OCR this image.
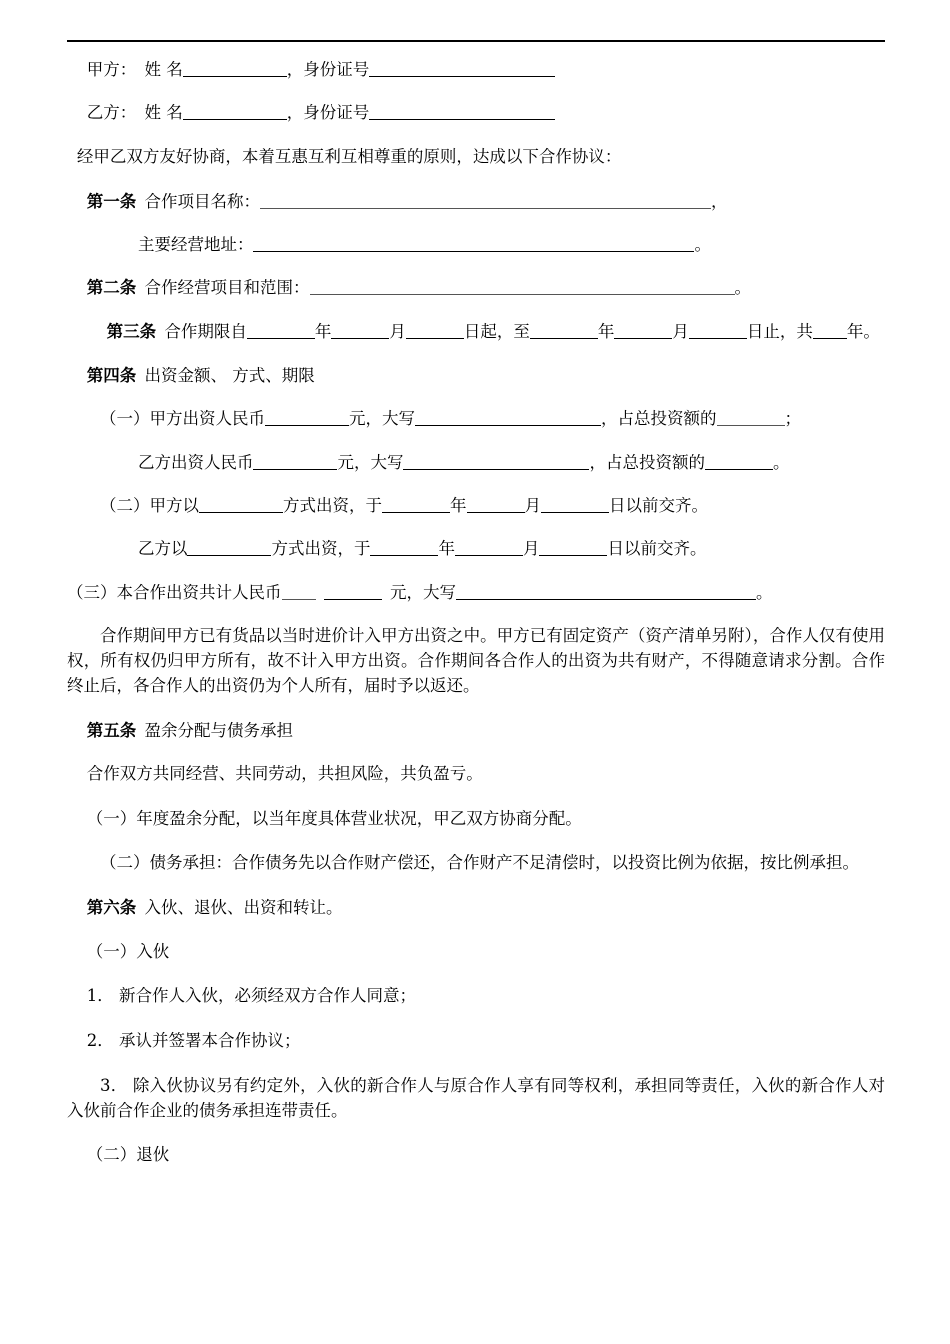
甲方： 姓 名	，身份证号
乙方： 姓 名	，身份证号
经甲乙双方友好协商，本着互惠互利互相尊重的原则，达成以下合作协议：
第一条 合作项目名称：	，
主要经营地址：	。
第二条 合作经营项目和范围：	。
第三条 合作期限自	年	月	日起，至	年	月	日止，共 年。
第四条 出资金额、 方式、期限
（一）甲方出资人民币	元，大写	，占总投资额的	；
乙方出资人民币	元，大写	，占总投资额的	。
（二）甲方以	方式出资，于	年	月	日以前交齐。
乙方以	方式出资，于	年	月	日以前交齐。
（三）本合作出资共计人民币	元，大写	。
合作期间甲方已有货品以当时进价计入甲方出资之中。甲方已有固定资产（资产清单另附），合作人仅有使用权，所有权仍归甲方所有，故不计入甲方出资。合作期间各合作人的出资为共有财产，不得随意请求分割。合作终止后，各合作人的出资仍为个人所有，届时予以返还。
第五条 盈余分配与债务承担
合作双方共同经营、共同劳动，共担风险，共负盈亏。
（一）年度盈余分配，以当年度具体营业状况，甲乙双方协商分配。
（二）债务承担：合作债务先以合作财产偿还，合作财产不足清偿时，以投资比例为依据，按比例承担。
第六条 入伙、退伙、出资和转让。
（一）入伙
1． 新合作人入伙，必须经双方合作人同意；
2． 承认并签署本合作协议；
3． 除入伙协议另有约定外，入伙的新合作人与原合作人享有同等权利，承担同等责任，入伙的新合作人对入伙前合作企业的债务承担连带责任。
（二）退伙
